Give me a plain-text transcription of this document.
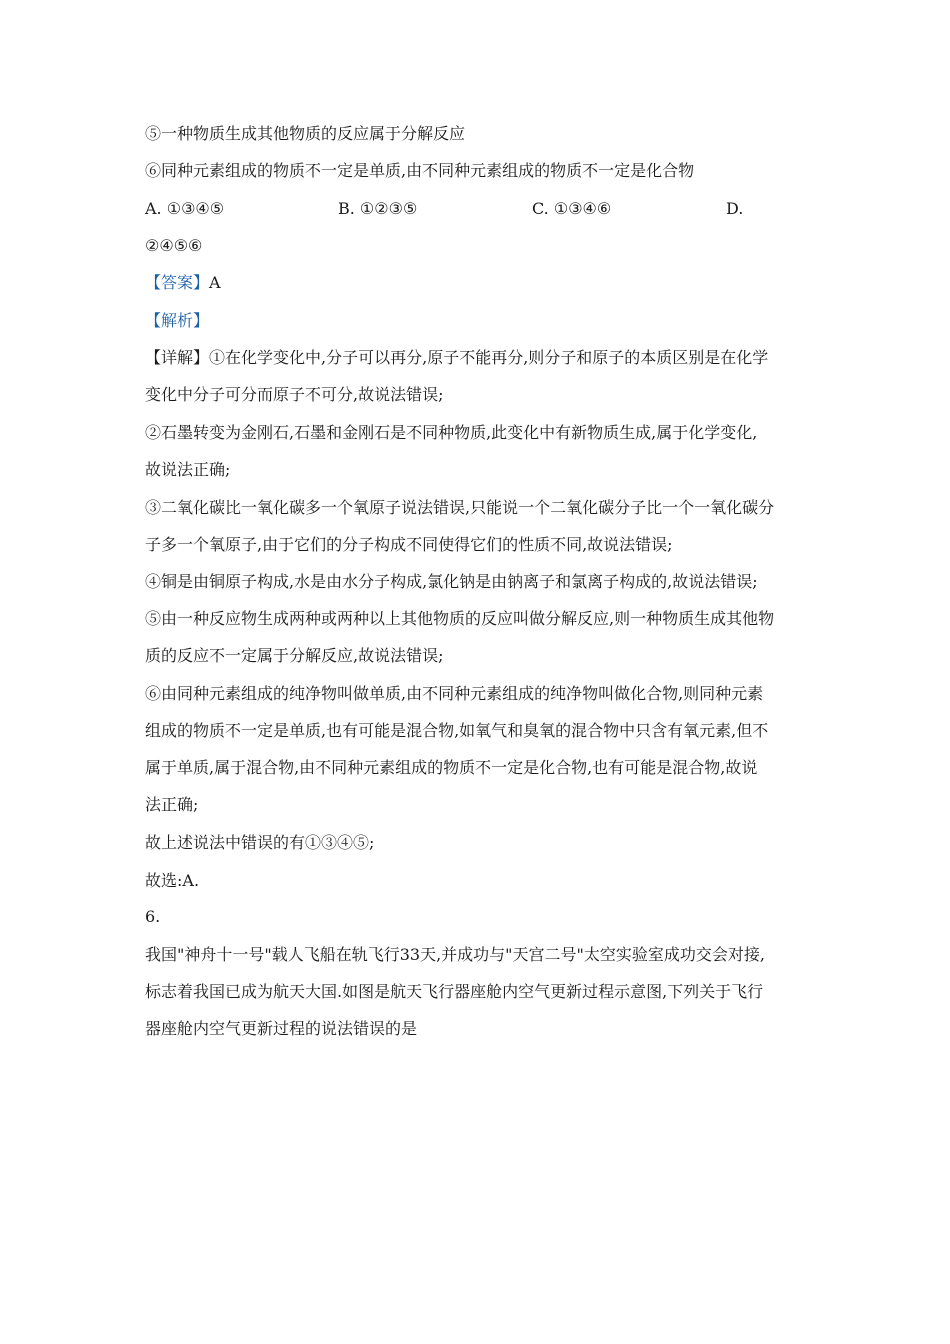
⑤一种物质生成其他物质的反应属于分解反应
⑥同种元素组成的物质不一定是单质,由不同种元素组成的物质不一定是化合物
A. ①③④⑤	B. ①②③⑤	C. ①③④⑥	D.
②④⑤⑥
【答案】A
【解析】
【详解】①在化学变化中,分子可以再分,原子不能再分,则分子和原子的本质区别是在化学
变化中分子可分而原子不可分,故说法错误;
②石墨转变为金刚石,石墨和金刚石是不同种物质,此变化中有新物质生成,属于化学变化,
故说法正确;
③二氧化碳比一氧化碳多一个氧原子说法错误,只能说一个二氧化碳分子比一个一氧化碳分
子多一个氧原子,由于它们的分子构成不同使得它们的性质不同,故说法错误;
④铜是由铜原子构成,水是由水分子构成,氯化钠是由钠离子和氯离子构成的,故说法错误;
⑤由一种反应物生成两种或两种以上其他物质的反应叫做分解反应,则一种物质生成其他物
质的反应不一定属于分解反应,故说法错误;
⑥由同种元素组成的纯净物叫做单质,由不同种元素组成的纯净物叫做化合物,则同种元素
组成的物质不一定是单质,也有可能是混合物,如氧气和臭氧的混合物中只含有氧元素,但不
属于单质,属于混合物,由不同种元素组成的物质不一定是化合物,也有可能是混合物,故说
法正确;
故上述说法中错误的有①③④⑤;
故选:A.
6.
我国"神舟十一号"载人飞船在轨飞行33天,并成功与"天宫二号"太空实验室成功交会对接,
标志着我国已成为航天大国.如图是航天飞行器座舱内空气更新过程示意图,下列关于飞行
器座舱内空气更新过程的说法错误的是
